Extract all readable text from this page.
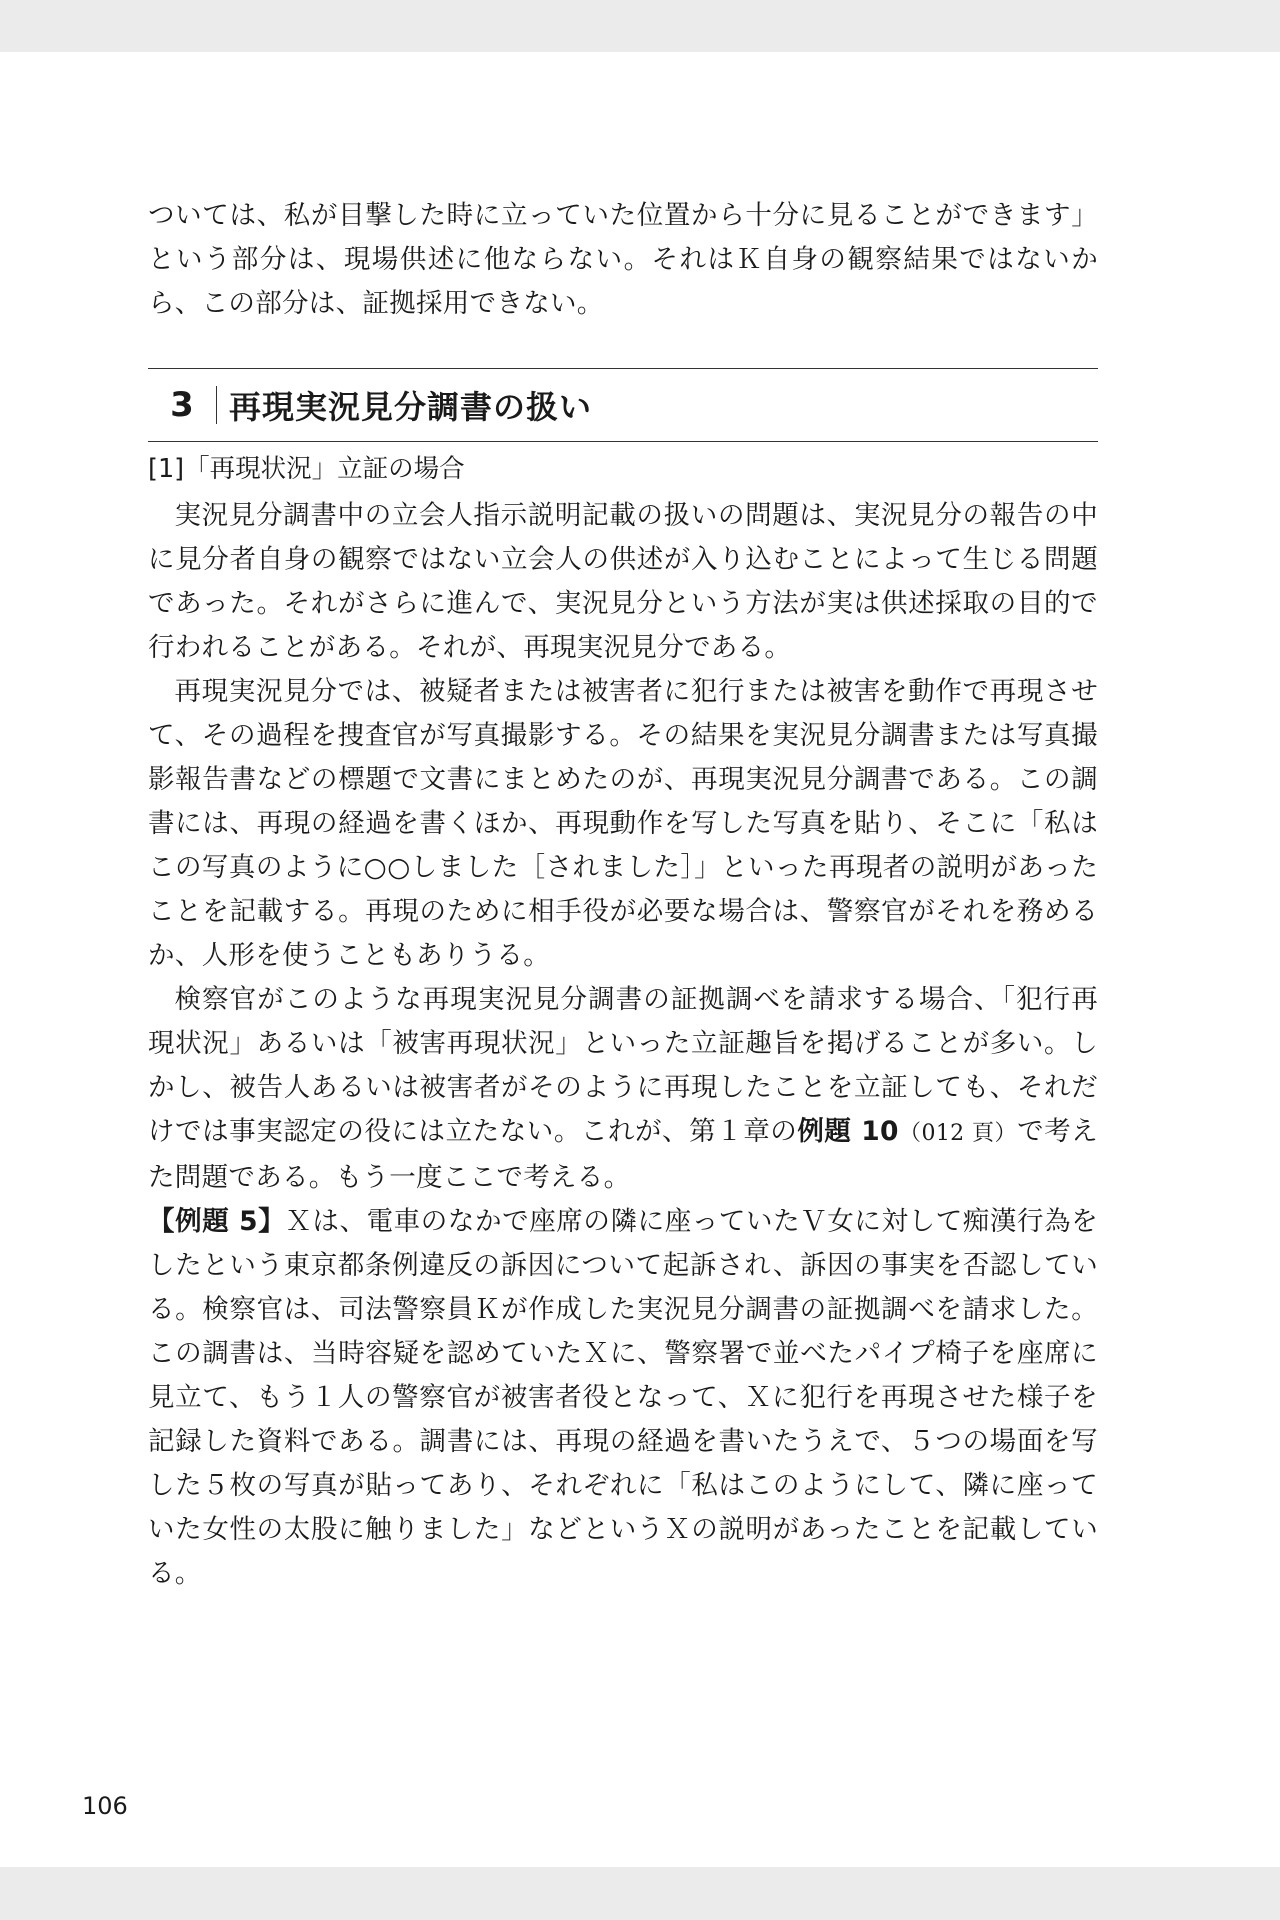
ついては、私が目撃した時に立っていた位置から十分に見ることができます」という部分は、現場供述に他ならない。それはＫ自身の観察結果ではないから、この部分は、証拠採用できない。

3	再現実況見分調書の扱い
[1]「再現状況」立証の場合

実況見分調書中の立会人指示説明記載の扱いの問題は、実況見分の報告の中に見分者自身の観察ではない立会人の供述が入り込むことによって生じる問題であった。それがさらに進んで、実況見分という方法が実は供述採取の目的で行われることがある。それが、再現実況見分である。

再現実況見分では、被疑者または被害者に犯行または被害を動作で再現させて、その過程を捜査官が写真撮影する。その結果を実況見分調書または写真撮影報告書などの標題で文書にまとめたのが、再現実況見分調書である。この調書には、再現の経過を書くほか、再現動作を写した写真を貼り、そこに「私はこの写真のように○○しました［されました］」といった再現者の説明があったことを記載する。再現のために相手役が必要な場合は、警察官がそれを務めるか、人形を使うこともありうる。

検察官がこのような再現実況見分調書の証拠調べを請求する場合、「犯行再現状況」あるいは「被害再現状況」といった立証趣旨を掲げることが多い。しかし、被告人あるいは被害者がそのように再現したことを立証しても、それだけでは事実認定の役には立たない。これが、第１章の例題 10（012 頁）で考えた問題である。もう一度ここで考える。

【例題 5】Ｘは、電車のなかで座席の隣に座っていたＶ女に対して痴漢行為をしたという東京都条例違反の訴因について起訴され、訴因の事実を否認している。検察官は、司法警察員Ｋが作成した実況見分調書の証拠調べを請求した。この調書は、当時容疑を認めていたＸに、警察署で並べたパイプ椅子を座席に見立て、もう１人の警察官が被害者役となって、Ｘに犯行を再現させた様子を記録した資料である。調書には、再現の経過を書いたうえで、５つの場面を写した５枚の写真が貼ってあり、それぞれに「私はこのようにして、隣に座っていた女性の太股に触りました」などというＸの説明があったことを記載している。

106
